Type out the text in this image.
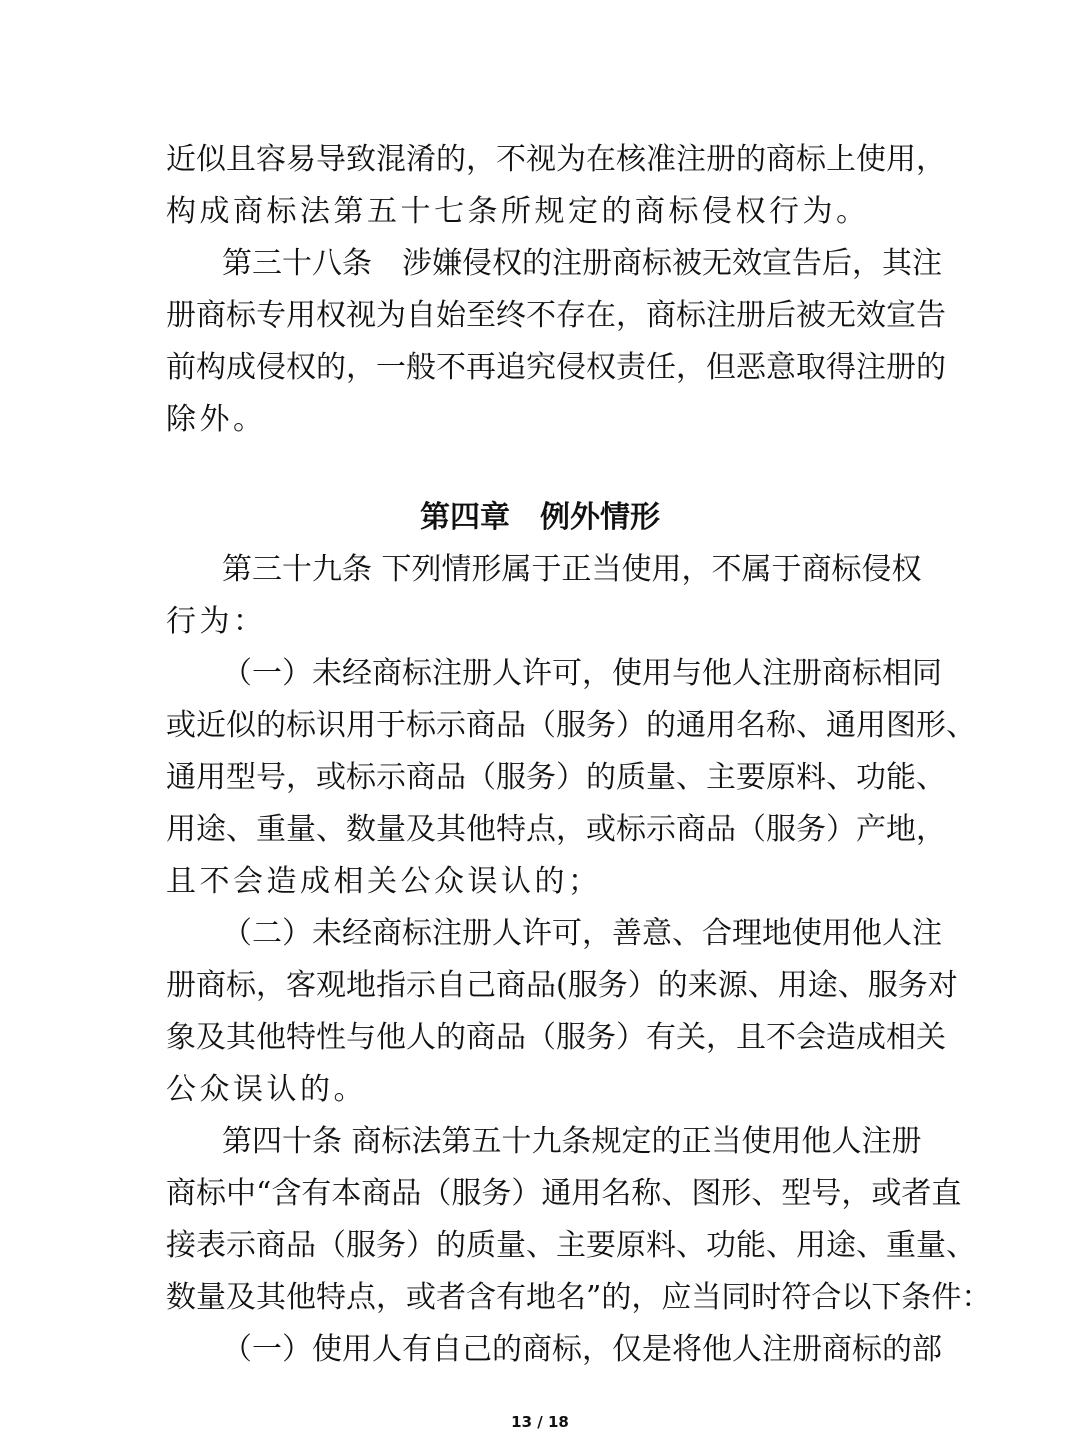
近似且容易导致混淆的，不视为在核准注册的商标上使用，
构成商标法第五十七条所规定的商标侵权行为。
第三十八条　涉嫌侵权的注册商标被无效宣告后，其注
册商标专用权视为自始至终不存在，商标注册后被无效宣告
前构成侵权的，一般不再追究侵权责任，但恶意取得注册的
除外。
第四章　例外情形
第三十九条 下列情形属于正当使用，不属于商标侵权
行为：
（一）未经商标注册人许可，使用与他人注册商标相同
或近似的标识用于标示商品（服务）的通用名称、通用图形、
通用型号，或标示商品（服务）的质量、主要原料、功能、
用途、重量、数量及其他特点，或标示商品（服务）产地，
且不会造成相关公众误认的；
（二）未经商标注册人许可，善意、合理地使用他人注
册商标，客观地指示自己商品(服务）的来源、用途、服务对
象及其他特性与他人的商品（服务）有关，且不会造成相关
公众误认的。
第四十条 商标法第五十九条规定的正当使用他人注册
商标中“含有本商品（服务）通用名称、图形、型号，或者直
接表示商品（服务）的质量、主要原料、功能、用途、重量、
数量及其他特点，或者含有地名”的，应当同时符合以下条件：
（一）使用人有自己的商标，仅是将他人注册商标的部
13 / 18
